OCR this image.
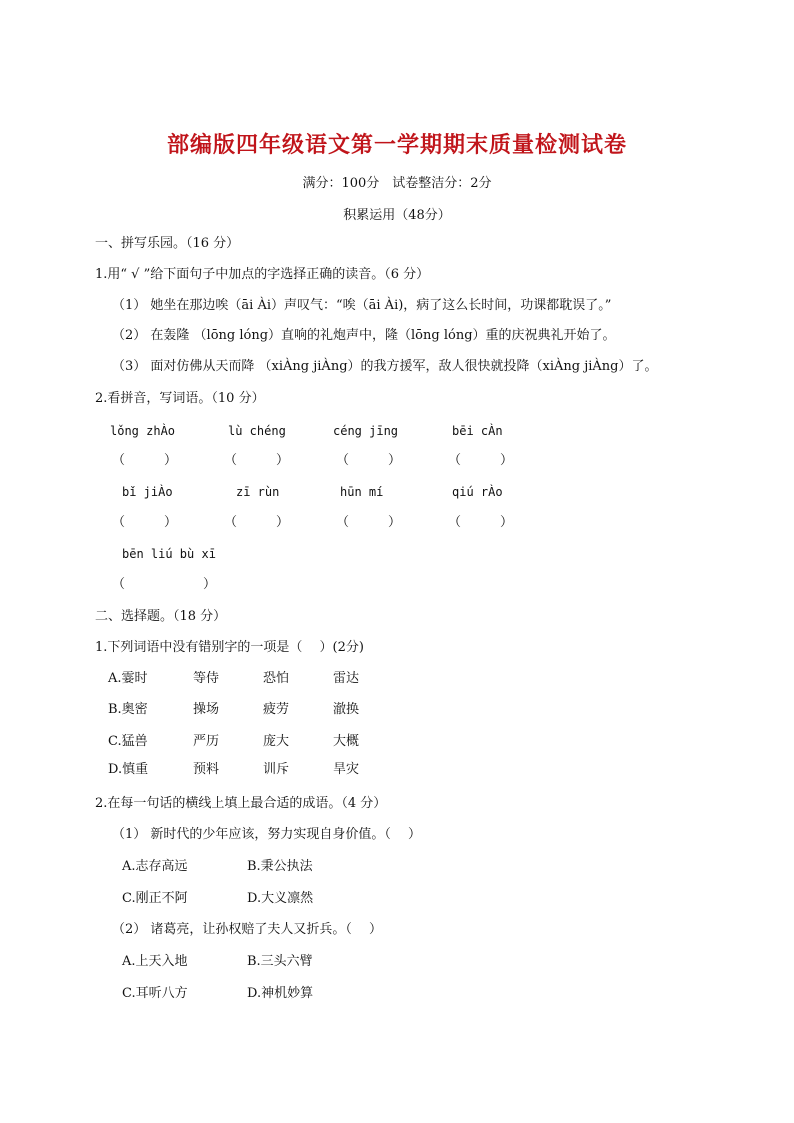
部编版四年级语文第一学期期末质量检测试卷
满分：100分　试卷整洁分：2分
积累运用（48分）
一、拼写乐园。（16 分）
1.用“ √ ”给下面句子中加点的字选择正确的读音。（6 分）
（1） 她坐在那边唉（āi Ài）声叹气：“唉（āi Ài)，病了这么长时间，功课都耽误了。”
（2） 在轰隆 （lōng lóng）直响的礼炮声中，隆（lōng lóng）重的庆祝典礼开始了。
（3） 面对仿佛从天而降 （xiÀng jiÀng）的我方援军，敌人很快就投降（xiÀng jiÀng）了。
2.看拼音，写词语。（10 分）
lǒng zhÀo	lù chéng	céng jīng	bēi cÀn
（　　　）	（　　　）	（　　　）	（　　　）
bǐ jiÀo	zī rùn	hūn mí	qiú rÀo
（　　　）	（　　　）	（　　　）	（　　　）
bēn liú bù xī
（　　　　　　）
二、选择题。（18 分）
1.下列词语中没有错别字的一项是（　 ）(2分)
A.霎时	等侍	恐怕	雷达
B.奥密	操场	疲劳	澈换
C.猛兽	严历	庞大	大概
D.慎重	预料	训斥	旱灾
2.在每一句话的横线上填上最合适的成语。（4 分）
（1） 新时代的少年应该，努力实现自身价值。（　 ）
A.志存高远	B.秉公执法
C.刚正不阿	D.大义凛然
（2） 诸葛亮，让孙权赔了夫人又折兵。（　 ）
A.上天入地	B.三头六臂
C.耳听八方	D.神机妙算
